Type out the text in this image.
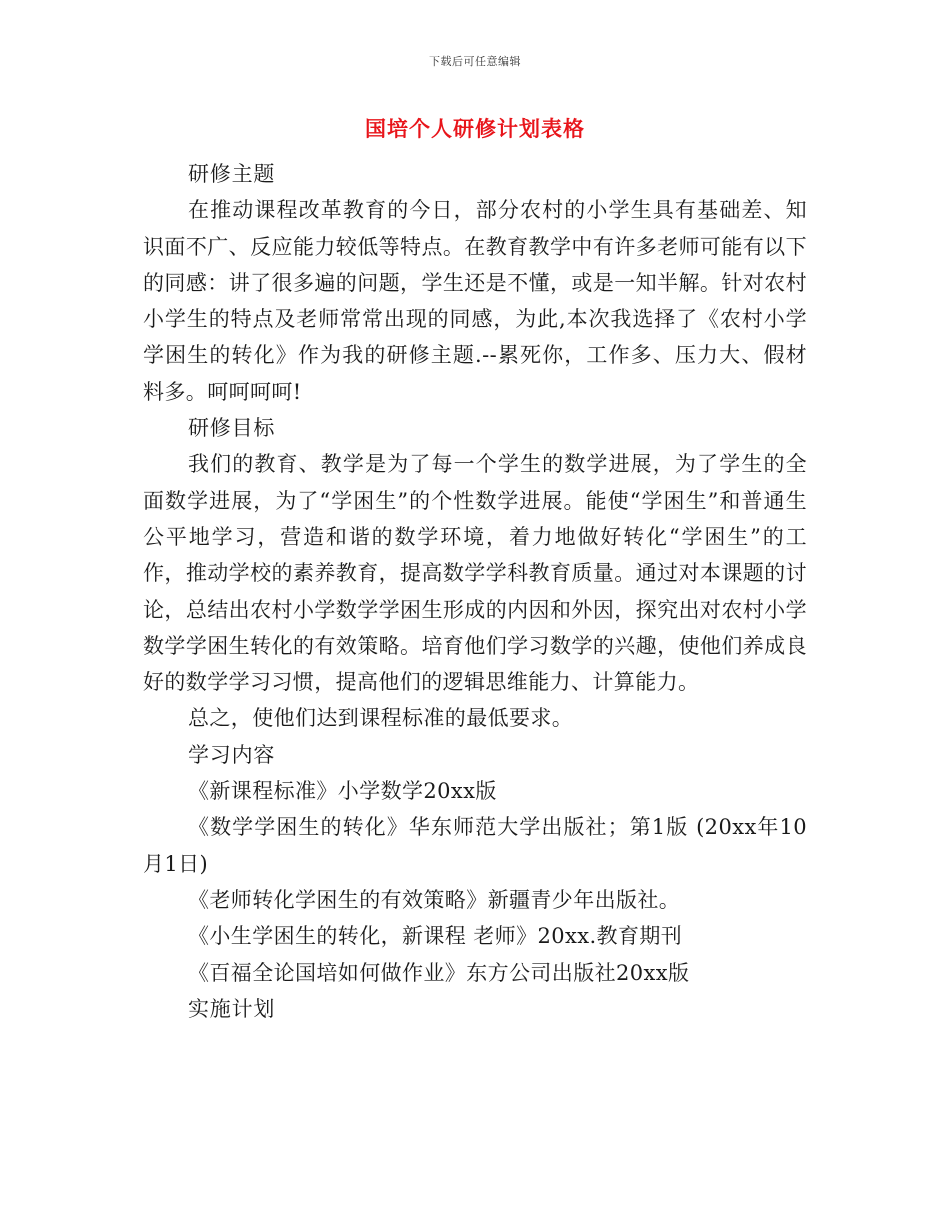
下载后可任意编辑
国培个人研修计划表格

研修主题

在推动课程改革教育的今日，部分农村的小学生具有基础差、知识面不广、反应能力较低等特点。在教育教学中有许多老师可能有以下的同感：讲了很多遍的问题，学生还是不懂，或是一知半解。针对农村小学生的特点及老师常常出现的同感，为此,本次我选择了《农村小学学困生的转化》作为我的研修主题.--累死你，工作多、压力大、假材料多。呵呵呵呵!

研修目标

我们的教育、教学是为了每一个学生的数学进展，为了学生的全面数学进展，为了“学困生”的个性数学进展。能使“学困生”和普通生公平地学习，营造和谐的数学环境，着力地做好转化“学困生”的工作，推动学校的素养教育，提高数学学科教育质量。通过对本课题的讨论，总结出农村小学数学学困生形成的内因和外因，探究出对农村小学数学学困生转化的有效策略。培育他们学习数学的兴趣，使他们养成良好的数学学习习惯，提高他们的逻辑思维能力、计算能力。

总之，使他们达到课程标准的最低要求。

学习内容

《新课程标准》小学数学20xx版

《数学学困生的转化》华东师范大学出版社；第1版 (20xx年10月1日)

《老师转化学困生的有效策略》新疆青少年出版社。

《小生学困生的转化，新课程 老师》20xx.教育期刊

《百福全论国培如何做作业》东方公司出版社20xx版

实施计划
